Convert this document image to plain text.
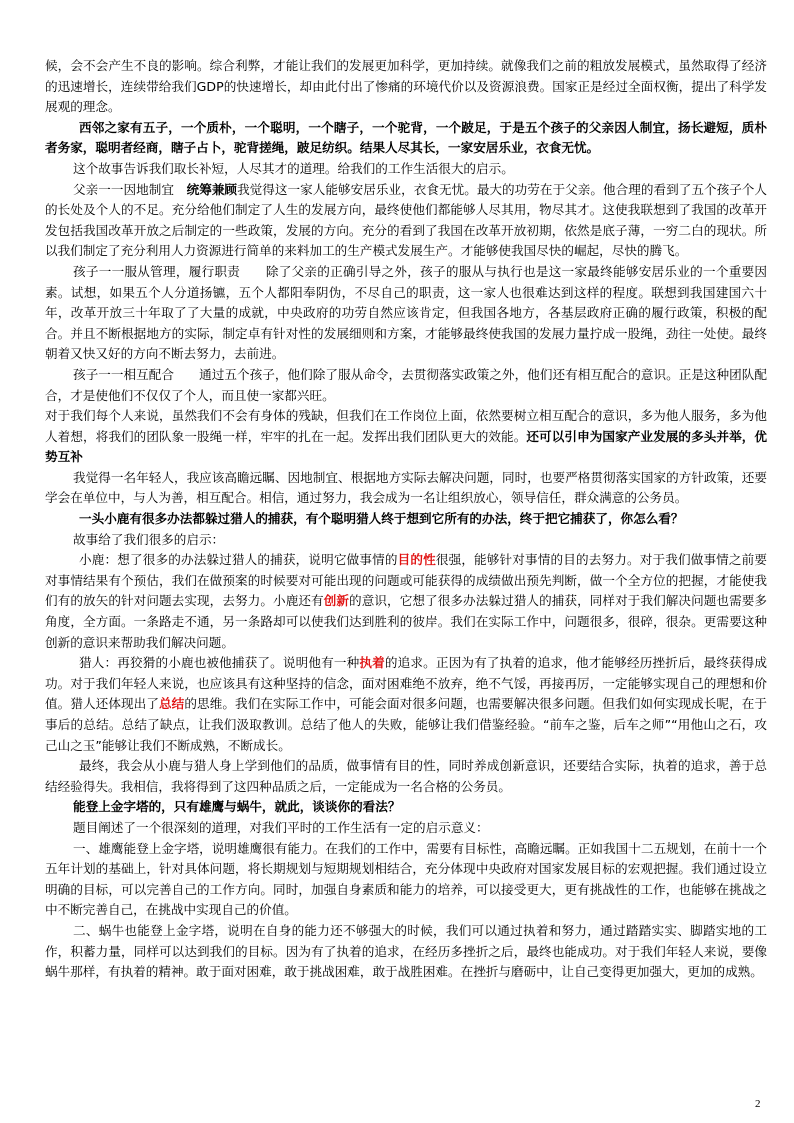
候，会不会产生不良的影响。综合利弊，才能让我们的发展更加科学，更加持续。就像我们之前的粗放发展模式，虽然取得了经济的迅速增长，连续带给我们GDP的快速增长，却由此付出了惨痛的环境代价以及资源浪费。国家正是经过全面权衡，提出了科学发展观的理念。

西邻之家有五子，一个质朴，一个聪明，一个瞎子，一个驼背，一个跛足，于是五个孩子的父亲因人制宜，扬长避短，质朴者务家，聪明者经商，瞎子占卜，驼背搓绳，跛足纺织。结果人尽其长，一家安居乐业，衣食无忧。

这个故事告诉我们取长补短，人尽其才的道理。给我们的工作生活很大的启示。

父亲一一因地制宜　统筹兼顾我觉得这一家人能够安居乐业，衣食无忧。最大的功劳在于父亲。他合理的看到了五个孩子个人的长处及个人的不足。充分给他们制定了人生的发展方向，最终使他们都能够人尽其用，物尽其才。这使我联想到了我国的改革开发包括我国改革开放之后制定的一些政策，发展的方向。充分的看到了我国在改革开放初期，依然是底子薄，一穷二白的现状。所以我们制定了充分利用人力资源进行简单的来料加工的生产模式发展生产。才能够使我国尽快的崛起，尽快的腾飞。

孩子一一服从管理，履行职责　　除了父亲的正确引导之外，孩子的服从与执行也是这一家最终能够安居乐业的一个重要因素。试想，如果五个人分道扬镳，五个人都阳奉阴伪，不尽自己的职责，这一家人也很难达到这样的程度。联想到我国建国六十年，改革开放三十年取了了大量的成就，中央政府的功劳自然应该肯定，但我国各地方，各基层政府正确的履行政策，积极的配合。并且不断根据地方的实际，制定卓有针对性的发展细则和方案，才能够最终使我国的发展力量拧成一股绳，劲往一处使。最终朝着又快又好的方向不断去努力，去前进。

孩子一一相互配合　　通过五个孩子，他们除了服从命令，去贯彻落实政策之外，他们还有相互配合的意识。正是这种团队配合，才是使他们不仅仅了个人，而且使一家都兴旺。

对于我们每个人来说，虽然我们不会有身体的残缺，但我们在工作岗位上面，依然要树立相互配合的意识，多为他人服务，多为他人着想，将我们的团队象一股绳一样，牢牢的扎在一起。发挥出我们团队更大的效能。还可以引申为国家产业发展的多头并举，优势互补

我觉得一名年轻人，我应该高瞻远瞩、因地制宜、根据地方实际去解决问题，同时，也要严格贯彻落实国家的方针政策，还要学会在单位中，与人为善，相互配合。相信，通过努力，我会成为一名让组织放心，领导信任，群众满意的公务员。

一头小鹿有很多办法都躲过猎人的捕获，有个聪明猎人终于想到它所有的办法，终于把它捕获了，你怎么看？

故事给了我们很多的启示：

小鹿：想了很多的办法躲过猎人的捕获，说明它做事情的目的性很强，能够针对事情的目的去努力。对于我们做事情之前要对事情结果有个预估，我们在做预案的时候要对可能出现的问题或可能获得的成绩做出预先判断，做一个全方位的把握，才能使我们有的放矢的针对问题去实现，去努力。小鹿还有创新的意识，它想了很多办法躲过猎人的捕获，同样对于我们解决问题也需要多角度，全方面。一条路走不通，另一条路却可以使我们达到胜利的彼岸。我们在实际工作中，问题很多，很碎，很杂。更需要这种创新的意识来帮助我们解决问题。

猎人：再狡猾的小鹿也被他捕获了。说明他有一种执着的追求。正因为有了执着的追求，他才能够经历挫折后，最终获得成功。对于我们年轻人来说，也应该具有这种坚持的信念，面对困难绝不放弃，绝不气馁，再接再厉，一定能够实现自己的理想和价值。猎人还体现出了总结的思维。我们在实际工作中，可能会面对很多问题，也需要解决很多问题。但我们如何实现成长呢，在于事后的总结。总结了缺点，让我们汲取教训。总结了他人的失败，能够让我们借鉴经验。“前车之鉴，后车之师”“用他山之石，攻己山之玉”能够让我们不断成熟，不断成长。

最终，我会从小鹿与猎人身上学到他们的品质，做事情有目的性，同时养成创新意识，还要结合实际，执着的追求，善于总结经验得失。我相信，我将得到了这四种品质之后，一定能成为一名合格的公务员。

能登上金字塔的，只有雄鹰与蜗牛，就此，谈谈你的看法？

题目阐述了一个很深刻的道理，对我们平时的工作生活有一定的启示意义：

一、雄鹰能登上金字塔，说明雄鹰很有能力。在我们的工作中，需要有目标性，高瞻远瞩。正如我国十二五规划，在前十一个五年计划的基础上，针对具体问题，将长期规划与短期规划相结合，充分体现中央政府对国家发展目标的宏观把握。我们通过设立明确的目标，可以完善自己的工作方向。同时，加强自身素质和能力的培养，可以接受更大，更有挑战性的工作，也能够在挑战之中不断完善自己，在挑战中实现自己的价值。

二、蜗牛也能登上金字塔，说明在自身的能力还不够强大的时候，我们可以通过执着和努力，通过踏踏实实、脚踏实地的工作，积蓄力量，同样可以达到我们的目标。因为有了执着的追求，在经历多挫折之后，最终也能成功。对于我们年轻人来说，要像蜗牛那样，有执着的精神。敢于面对困难，敢于挑战困难，敢于战胜困难。在挫折与磨砺中，让自己变得更加强大，更加的成熟。

2
